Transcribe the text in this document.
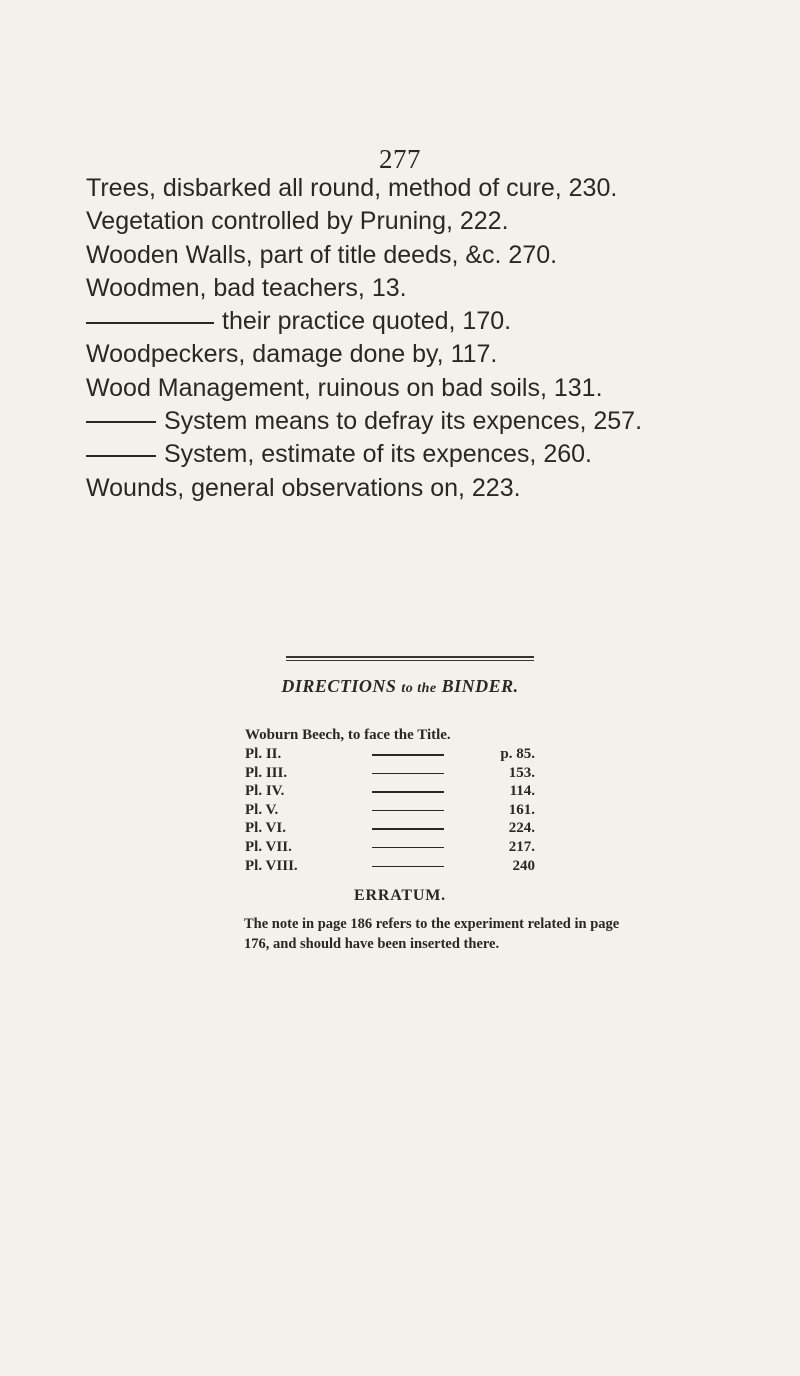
277
Trees, disbarked all round, method of cure, 230.
Vegetation controlled by Pruning, 222.
Wooden Walls, part of title deeds, &c. 270.
Woodmen, bad teachers, 13.
their practice quoted, 170.
Woodpeckers, damage done by, 117.
Wood Management, ruinous on bad soils, 131.
System means to defray its expences, 257.
System, estimate of its expences, 260.
Wounds, general observations on, 223.
DIRECTIONS to the BINDER.
Woburn Beech, to face the Title.
Pl. II.	p. 85.
Pl. III.	153.
Pl. IV.	114.
Pl. V.	161.
Pl. VI.	224.
Pl. VII.	217.
Pl. VIII.	240
ERRATUM.
The note in page 186 refers to the experiment related in page
176, and should have been inserted there.
